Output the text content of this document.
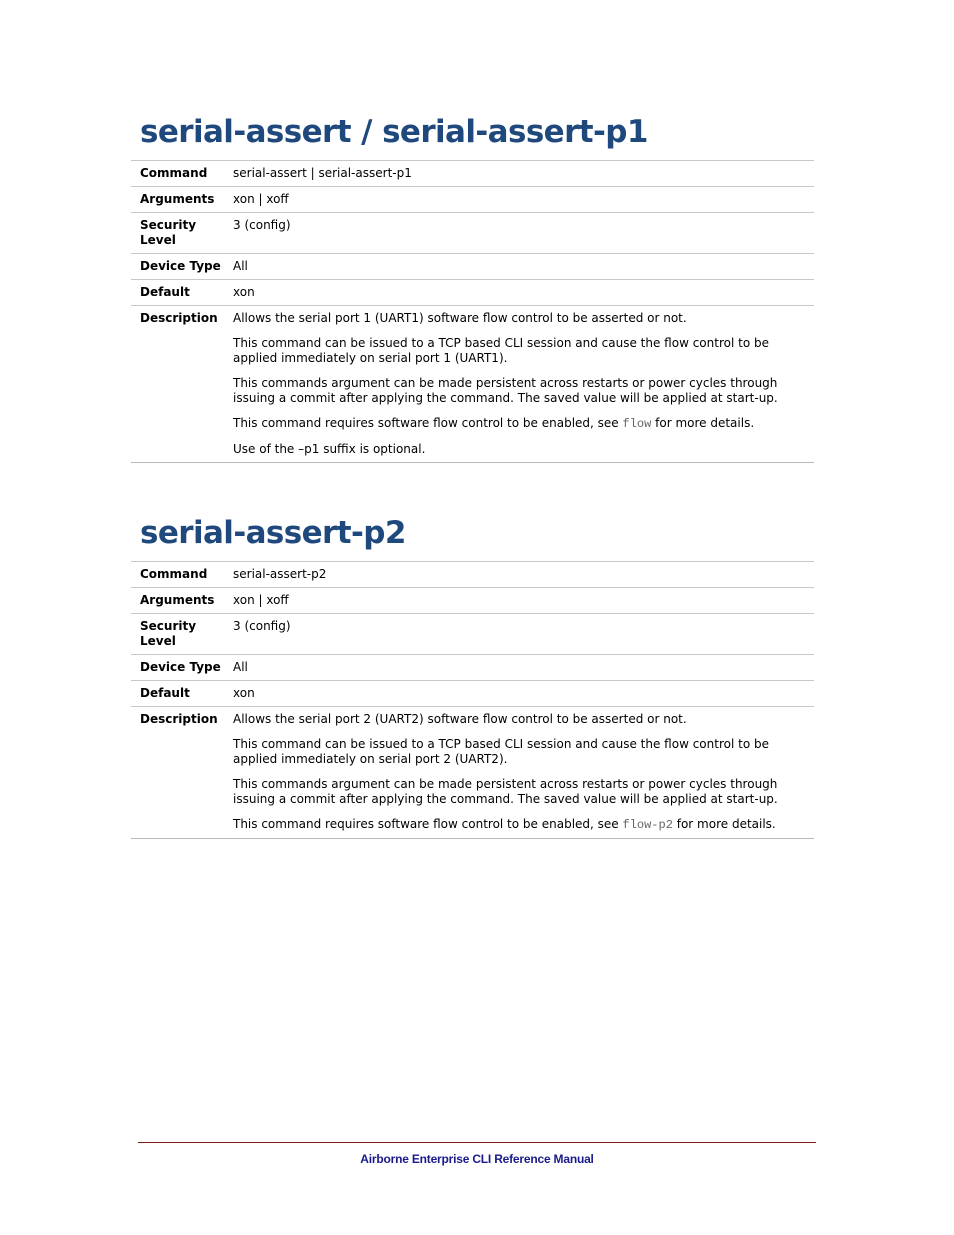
serial-assert / serial-assert-p1
Command	serial-assert | serial-assert-p1
Arguments	xon | xoff
Security Level	3 (config)
Device Type	All
Default	xon
Description	Allows the serial port 1 (UART1) software flow control to be asserted or not.

This command can be issued to a TCP based CLI session and cause the flow control to be applied immediately on serial port 1 (UART1).

This commands argument can be made persistent across restarts or power cycles through issuing a commit after applying the command. The saved value will be applied at start-up.

This command requires software flow control to be enabled, see flow for more details.

Use of the –p1 suffix is optional.

serial-assert-p2
Command	serial-assert-p2
Arguments	xon | xoff
Security Level	3 (config)
Device Type	All
Default	xon
Description	Allows the serial port 2 (UART2) software flow control to be asserted or not.

This command can be issued to a TCP based CLI session and cause the flow control to be applied immediately on serial port 2 (UART2).

This commands argument can be made persistent across restarts or power cycles through issuing a commit after applying the command. The saved value will be applied at start-up.

This command requires software flow control to be enabled, see flow-p2 for more details.

Airborne Enterprise CLI Reference Manual
